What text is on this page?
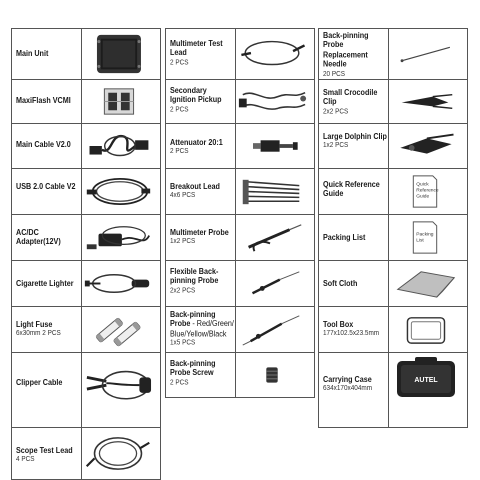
Main Unit
MaxiFlash VCMI
Main Cable V2.0
USB 2.0 Cable V2
AC/DC Adapter(12V)
Cigarette Lighter
Light Fuse
6x30mm 2 PCS
Clipper Cable
Scope Test Lead
4 PCS
Multimeter Test Lead
2 PCS
Secondary Ignition Pickup
2 PCS
Attenuator 20:1
2 PCS
Breakout Lead
4x6 PCS
Multimeter Probe
1x2 PCS
Flexible Back-pinning Probe
2x2 PCS
Back-pinning Probe - Red/Green/ Blue/Yellow/Black
1x5 PCS
Back-pinning Probe Screw
2 PCS
Back-pinning Probe Replacement Needle
20 PCS
Small Crocodile Clip
2x2 PCS
Large Dolphin Clip
1x2 PCS
Quick Reference Guide
Quick
Reference
Guide
Packing List	Packing
List
Soft Cloth
Tool Box
177x102.5x23.5mm
Carrying Case
634x170x404mm
AUTEL
